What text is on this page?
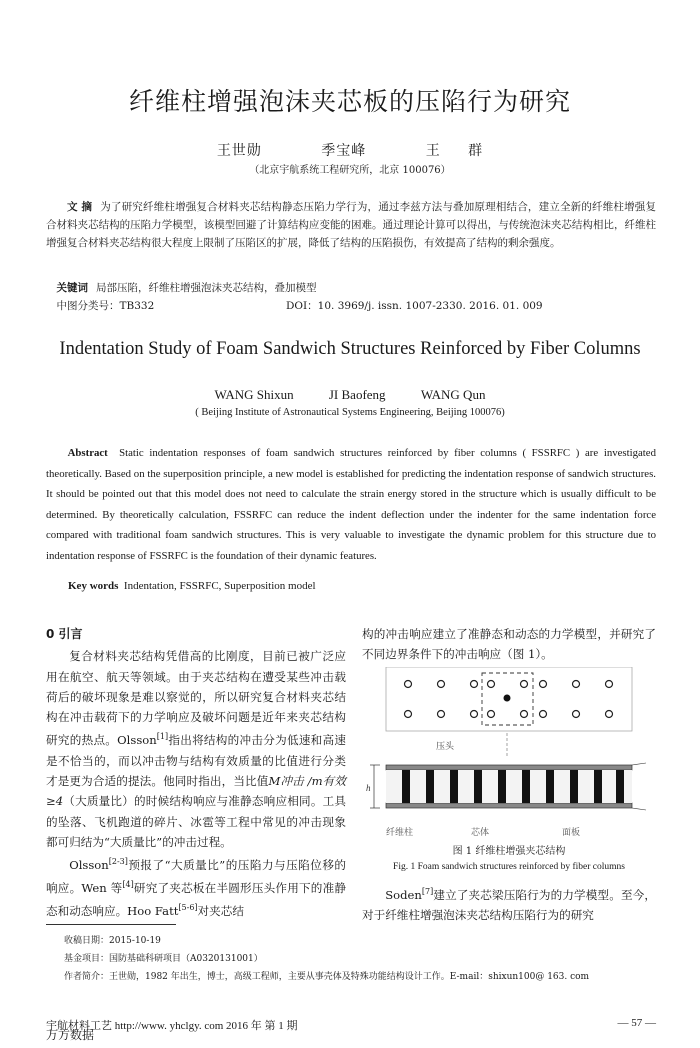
纤维柱增强泡沫夹芯板的压陷行为研究
王世勋	季宝峰	王 群
（北京宇航系统工程研究所，北京 100076）
文 摘 为了研究纤维柱增强复合材料夹芯结构静态压陷力学行为，通过李兹方法与叠加原理相结合，建立全新的纤维柱增强复合材料夹芯结构的压陷力学模型，该模型回避了计算结构应变能的困难。通过理论计算可以得出，与传统泡沫夹芯结构相比，纤维柱增强复合材料夹芯结构很大程度上限制了压陷区的扩展，降低了结构的压陷损伤，有效提高了结构的剩余强度。
关键词 局部压陷，纤维柱增强泡沫夹芯结构，叠加模型
中图分类号：TB332	DOI：10. 3969/j. issn. 1007-2330. 2016. 01. 009
Indentation Study of Foam Sandwich Structures Reinforced by Fiber Columns
WANG Shixun	JI Baofeng	WANG Qun
( Beijing Institute of Astronautical Systems Engineering, Beijing 100076)
Abstract Static indentation responses of foam sandwich structures reinforced by fiber columns ( FSSRFC ) are investigated theoretically. Based on the superposition principle, a new model is established for predicting the indentation response of sandwich structures. It should be pointed out that this model does not need to calculate the strain energy stored in the structure which is usually difficult to be determined. By theoretically calculation, FSSRFC can reduce the indent deflection under the indenter for the same indentation force compared with traditional foam sandwich structures. This is very valuable to investigate the dynamic problem for this structure due to indentation response of FSSRFC is the foundation of their dynamic features.
Key words Indentation, FSSRFC, Superposition model
0 引言
复合材料夹芯结构凭借高的比刚度，目前已被广泛应用在航空、航天等领域。由于夹芯结构在遭受某些冲击载荷后的破坏现象是难以察觉的，所以研究复合材料夹芯结构在冲击载荷下的力学响应及破坏问题是近年来夹芯结构研究的热点。Olsson[1]指出将结构的冲击分为低速和高速是不恰当的，而以冲击物与结构有效质量的比值进行分类才是更为合适的提法。他同时指出，当比值M冲击 /m有效 ≥4（大质量比）的时候结构响应与准静态响应相同。工具的坠落、飞机跑道的碎片、冰雹等工程中常见的冲击现象都可归结为“大质量比”的冲击过程。
Olsson[2-3]预报了“大质量比”的压陷力与压陷位移的响应。Wen 等[4]研究了夹芯板在半圆形压头作用下的准静态和动态响应。Hoo Fatt[5-6]对夹芯结
构的冲击响应建立了准静态和动态的力学模型，并研究了不同边界条件下的冲击响应（图 1）。
压头
h
纤维柱	芯体	面板
图 1 纤维柱增强夹芯结构
Fig. 1 Foam sandwich structures reinforced by fiber columns
Soden[7]建立了夹芯梁压陷行为的力学模型。至今，对于纤维柱增强泡沫夹芯结构压陷行为的研究
收稿日期：2015-10-19
基金项目：国防基础科研项目（A0320131001）
作者简介：王世勋，1982 年出生，博士，高级工程师，主要从事壳体及特殊功能结构设计工作。E-mail：shixun100@ 163. com
宇航材料工艺 http://www. yhclgy. com 2016 年 第 1 期	— 57 —
万方数据
